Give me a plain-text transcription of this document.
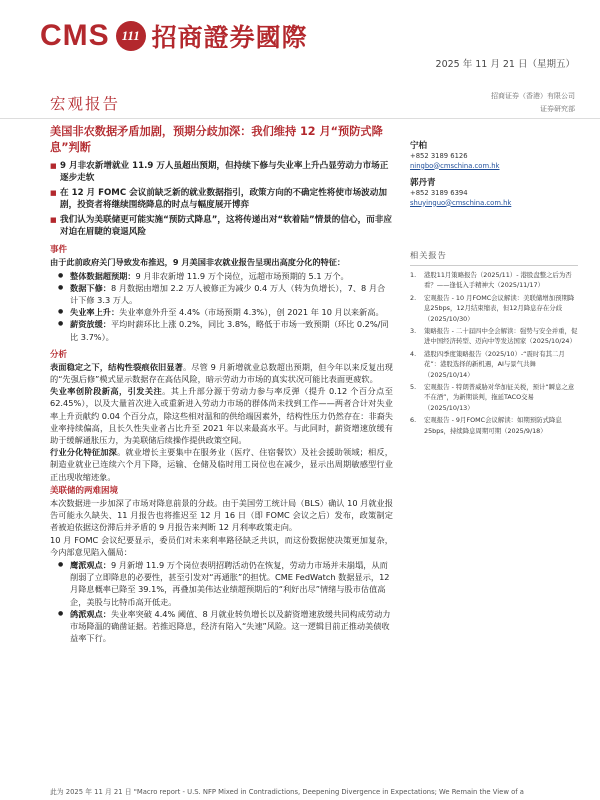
CMS 111 招商證券國際
2025 年 11 月 21 日（星期五）
宏观报告	招商证券（香港）有限公司
证券研究部
美国非农数据矛盾加剧，预期分歧加深：我们维持 12 月“预防式降息”判断
■ 9 月非农新增就业 11.9 万人虽超出预期，但持续下修与失业率上升凸显劳动力市场正逐步走软
■ 在 12 月 FOMC 会议前缺乏新的就业数据指引，政策方向的不确定性将使市场波动加剧，投资者将继续围绕降息的时点与幅度展开博弈
■ 我们认为美联储更可能实施“预防式降息”，这将传递出对“软着陆”情景的信心，而非应对迫在眉睫的衰退风险
事件

由于此前政府关门导致发布推迟，9 月美国非农就业报告呈现出高度分化的特征：

● 整体数据超预期：9 月非农新增 11.9 万个岗位，远超市场预期的 5.1 万个。
● 数据下修：8 月数据由增加 2.2 万人被修正为减少 0.4 万人（转为负增长），7、8 月合计下修 3.3 万人。
● 失业率上升：失业率意外升至 4.4%（市场预期 4.3%），创 2021 年 10 月以来新高。
● 薪资放缓：平均时薪环比上涨 0.2%，同比 3.8%，略低于市场一致预期（环比 0.2%/同比 3.7%）。
分析

表面稳定之下，结构性裂痕依旧显著。尽管 9 月新增就业总数超出预期，但今年以来反复出现的“先强后修”模式显示数据存在高估风险，暗示劳动力市场的真实状况可能比表面更疲软。

失业率创阶段新高，引发关注。其上升部分源于劳动力参与率反弹（提升 0.12 个百分点至 62.45%），以及大量首次进入或重新进入劳动力市场的群体尚未找到工作——两者合计对失业率上升贡献约 0.04 个百分点，除这些相对温和的供给端因素外，结构性压力仍然存在：非裔失业率持续偏高，且长久性失业者占比升至 2021 年以来最高水平。与此同时，薪资增速放缓有助于缓解通胀压力，为美联储后续操作提供政策空间。

行业分化特征加深。就业增长主要集中在服务业（医疗、住宿餐饮）及社会援助领域；相反，制造业就业已连续六个月下降，运输、仓储及临时用工岗位也在减少，显示出周期敏感型行业正出现收缩迹象。

美联储的两难困境

本次数据进一步加深了市场对降息前景的分歧。由于美国劳工统计局（BLS）确认 10 月就业报告可能永久缺失、11 月报告也将推迟至 12 月 16 日（即 FOMC 会议之后）发布，政策制定者被迫依据这份滞后并矛盾的 9 月报告来判断 12 月利率政策走向。

10 月 FOMC 会议纪要显示，委员们对未来利率路径缺乏共识，而这份数据使决策更加复杂，今内部意见陷入僵局：

● 鹰派观点：9 月新增 11.9 万个岗位表明招聘活动仍在恢复，劳动力市场并未崩塌，从而削弱了立即降息的必要性，甚至引发对“再通胀”的担忧。CME FedWatch 数据显示，12 月降息概率已降至 39.1%，再叠加美伟达业绩超预期后的“利好出尽”情绪与股市估值高企，美股与比特币高开低走。
● 鸽派观点：失业率突破 4.4% 阈值、8 月就业转负增长以及薪资增速放缓共同构成劳动力市场降温的确凿证据。若推迟降息，经济有陷入“失速”风险。这一逻辑目前正推动美债收益率下行。
宁柏
+852 3189 6126
ningbo@cmschina.com.hk
郭丹青
+852 3189 6394
shuyinguo@cmschina.com.hk
相关报告
1.	港股11月策略报告（2025/11）- 港股盘整之后为否看？——逢低入手精神大（2025/11/17）
2.	宏观报告 - 10 月FOMC会议解读：美联储增加预期降息25bps，12月结束缩表，但12月降息存在分歧（2025/10/30）
3.	策略报告 - 二十届四中全会解读：强势与安全并重，促进中国经济转型、迈向中等发达国家（2025/10/24）
4.	港股四季度策略报告（2025/10）-“震时有其二月花”：港股选择的新机遇，AI与景气共舞（2025/10/14）
5.	宏观报告 - 特朗普威胁对华加征关税，预计“瞬息之意不在酒”，为新期谈判，拖延TACO交易（2025/10/13）
6.	宏观报告 - 9月FOMC会议解读：如期预防式降息 25bps，持续降息周期可期（2025/9/18）
此为 2025 年 11 月 21 日 "Macro report - U.S. NFP Mixed in Contradictions, Deepening Divergence in Expectations; We Remain the View of a
